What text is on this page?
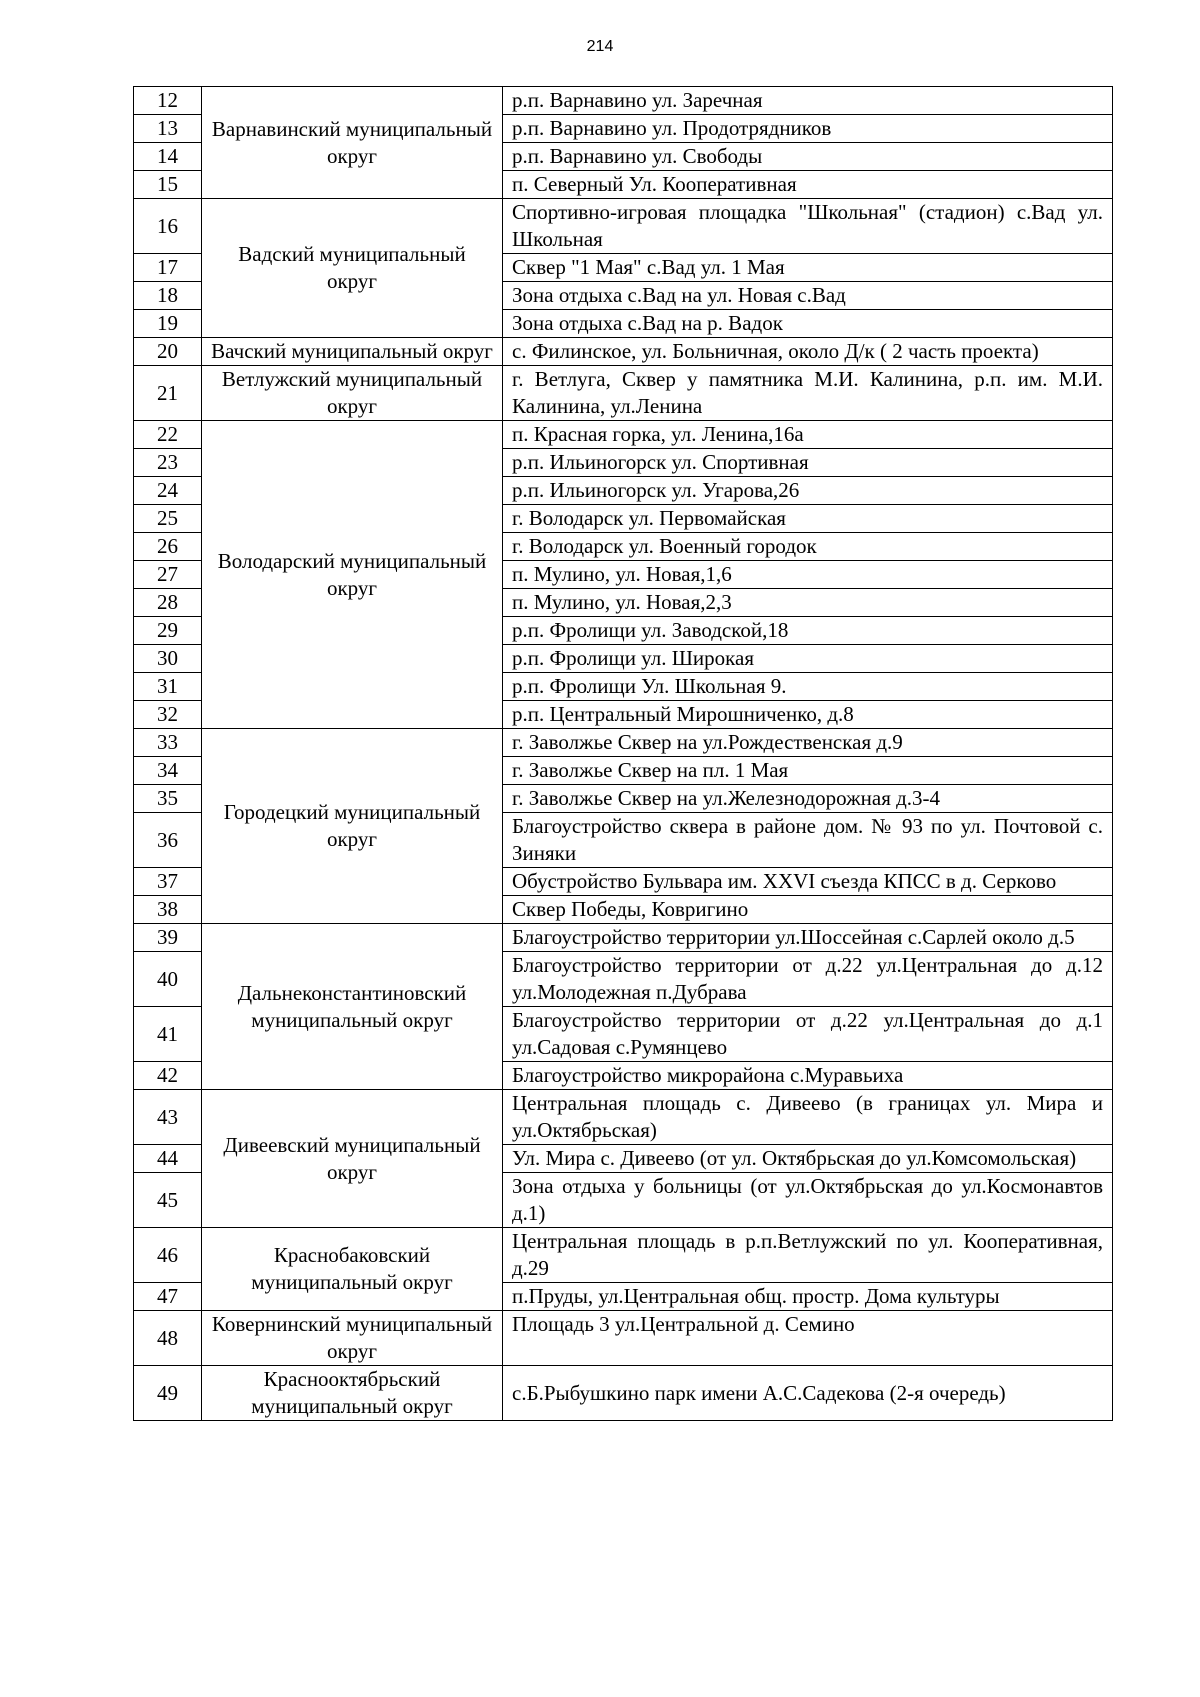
214
12	Варнавинский муниципальный округ	р.п. Варнавино ул. Заречная
13		р.п. Варнавино ул. Продотрядников
14		р.п. Варнавино ул. Свободы
15		п. Северный Ул. Кооперативная
16	Вадский муниципальный округ	Спортивно-игровая площадка "Школьная" (стадион) с.Вад ул. Школьная
17		Сквер "1 Мая" с.Вад ул. 1 Мая
18		Зона отдыха с.Вад на ул. Новая с.Вад
19		Зона отдыха с.Вад на р. Вадок
20	Вачский муниципальный округ	с. Филинское, ул. Больничная, около Д/к ( 2 часть проекта)
21	Ветлужский муниципальный округ	г. Ветлуга, Сквер у памятника М.И. Калинина, р.п. им. М.И. Калинина, ул.Ленина
22	Володарский муниципальный округ	п. Красная горка, ул. Ленина,16а
23		р.п. Ильиногорск ул. Спортивная
24		р.п. Ильиногорск ул. Угарова,26
25		г. Володарск ул. Первомайская
26		г. Володарск ул. Военный городок
27		п. Мулино, ул. Новая,1,6
28		п. Мулино, ул. Новая,2,3
29		р.п. Фролищи ул. Заводской,18
30		р.п. Фролищи ул. Широкая
31		р.п. Фролищи Ул. Школьная 9.
32		р.п. Центральный Мирошниченко, д.8
33	Городецкий муниципальный округ	г. Заволжье Сквер на ул.Рождественская д.9
34		г. Заволжье Сквер на пл. 1 Мая
35		г. Заволжье Сквер на ул.Железнодорожная д.3-4
36		Благоустройство сквера в районе дом. № 93 по ул. Почтовой с. Зиняки
37		Обустройство Бульвара им. XXVI съезда КПСС в д. Серково
38		Сквер Победы, Ковригино
39	Дальнеконстантиновский муниципальный округ	Благоустройство территории ул.Шоссейная с.Сарлей около д.5
40		Благоустройство территории от д.22 ул.Центральная до д.12 ул.Молодежная п.Дубрава
41		Благоустройство территории от д.22 ул.Центральная до д.1 ул.Садовая с.Румянцево
42		Благоустройство микрорайона с.Муравьиха
43	Дивеевский муниципальный округ	Центральная площадь с. Дивеево (в границах ул. Мира и ул.Октябрьская)
44		Ул. Мира с. Дивеево (от ул. Октябрьская до ул.Комсомольская)
45		Зона отдыха у больницы (от ул.Октябрьская до ул.Космонавтов д.1)
46	Краснобаковский муниципальный округ	Центральная площадь в р.п.Ветлужский по ул. Кооперативная, д.29
47		п.Пруды, ул.Центральная общ. простр. Дома культуры
48	Ковернинский муниципальный округ	Площадь 3 ул.Центральной д. Семино
49	Краснооктябрьский муниципальный округ	с.Б.Рыбушкино парк имени А.С.Садекова (2-я очередь)
